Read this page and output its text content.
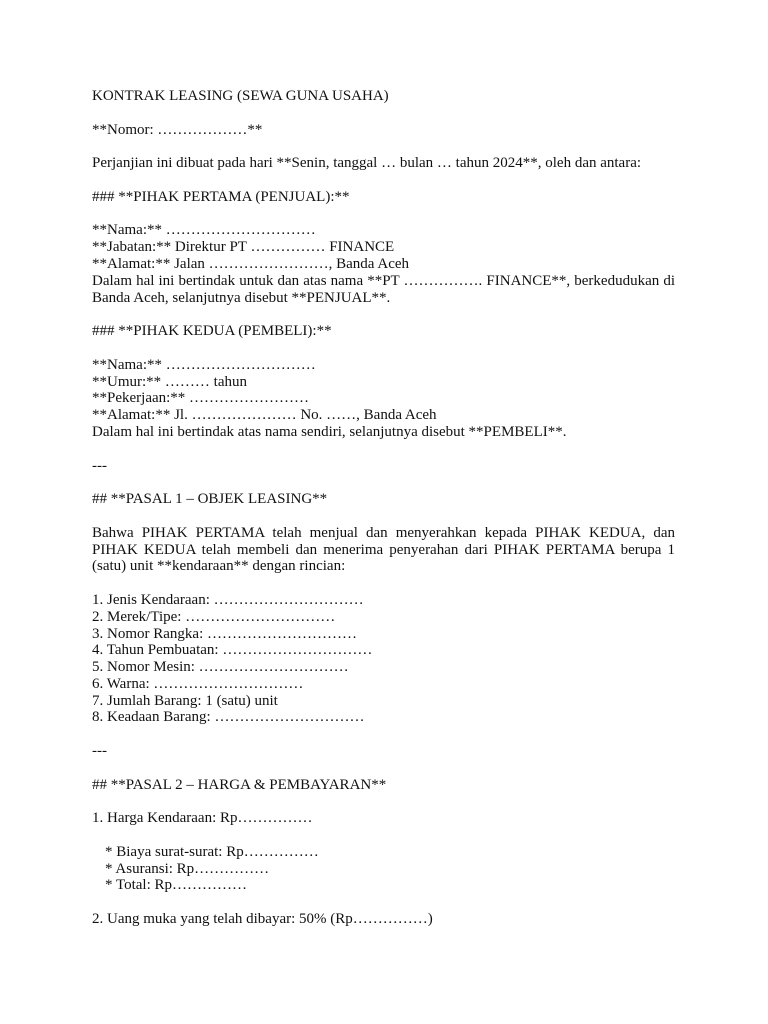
KONTRAK LEASING (SEWA GUNA USAHA)
**Nomor: ………………**
Perjanjian ini dibuat pada hari **Senin, tanggal … bulan … tahun 2024**, oleh dan antara:
### **PIHAK PERTAMA (PENJUAL):**
**Nama:** …………………………
**Jabatan:** Direktur PT …………… FINANCE
**Alamat:** Jalan ……………………, Banda Aceh
Dalam hal ini bertindak untuk dan atas nama **PT ……………. FINANCE**, berkedudukan di Banda Aceh, selanjutnya disebut **PENJUAL**.
### **PIHAK KEDUA (PEMBELI):**
**Nama:** …………………………
**Umur:** ……… tahun
**Pekerjaan:** ……………………
**Alamat:** Jl. ………………… No. ……, Banda Aceh
Dalam hal ini bertindak atas nama sendiri, selanjutnya disebut **PEMBELI**.
---
## **PASAL 1 – OBJEK LEASING**
Bahwa PIHAK PERTAMA telah menjual dan menyerahkan kepada PIHAK KEDUA, dan PIHAK KEDUA telah membeli dan menerima penyerahan dari PIHAK PERTAMA berupa 1 (satu) unit **kendaraan** dengan rincian:
1. Jenis Kendaraan: …………………………
2. Merek/Tipe: …………………………
3. Nomor Rangka: …………………………
4. Tahun Pembuatan: …………………………
5. Nomor Mesin: …………………………
6. Warna: …………………………
7. Jumlah Barang: 1 (satu) unit
8. Keadaan Barang: …………………………
---
## **PASAL 2 – HARGA & PEMBAYARAN**
1. Harga Kendaraan: Rp……………
* Biaya surat-surat: Rp……………
* Asuransi: Rp……………
* Total: Rp……………
2. Uang muka yang telah dibayar: 50% (Rp……………)
